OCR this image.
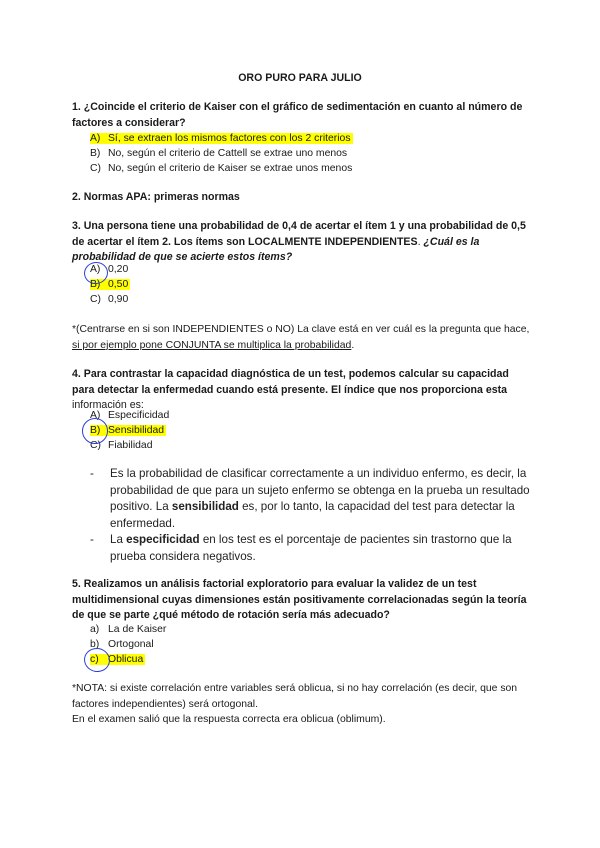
ORO PURO PARA JULIO
1. ¿Coincide el criterio de Kaiser con el gráfico de sedimentación en cuanto al número de factores a considerar?
A) Sí, se extraen los mismos factores con los 2 criterios
B) No, según el criterio de Cattell se extrae uno menos
C) No, según el criterio de Kaiser se extrae unos menos
2. Normas APA: primeras normas
3. Una persona tiene una probabilidad de 0,4 de acertar el ítem 1 y una probabilidad de 0,5 de acertar el ítem 2. Los ítems son LOCALMENTE INDEPENDIENTES. ¿Cuál es la probabilidad de que se acierte estos ítems?
A) 0,20
B) 0,50
C) 0,90
*(Centrarse en si son INDEPENDIENTES o NO) La clave está en ver cuál es la pregunta que hace, si por ejemplo pone CONJUNTA se multiplica la probabilidad.
4. Para contrastar la capacidad diagnóstica de un test, podemos calcular su capacidad para detectar la enfermedad cuando está presente. El índice que nos proporciona esta información es:
A) Especificidad
B) Sensibilidad
C) Fiabilidad
- Es la probabilidad de clasificar correctamente a un individuo enfermo, es decir, la probabilidad de que para un sujeto enfermo se obtenga en la prueba un resultado positivo. La sensibilidad es, por lo tanto, la capacidad del test para detectar la enfermedad.
- La especificidad en los test es el porcentaje de pacientes sin trastorno que la prueba considera negativos.
5. Realizamos un análisis factorial exploratorio para evaluar la validez de un test multidimensional cuyas dimensiones están positivamente correlacionadas según la teoría de que se parte ¿qué método de rotación sería más adecuado?
a) La de Kaiser
b) Ortogonal
c) Oblicua
*NOTA: si existe correlación entre variables será oblicua, si no hay correlación (es decir, que son factores independientes) será ortogonal.
En el examen salió que la respuesta correcta era oblicua (oblimum).
